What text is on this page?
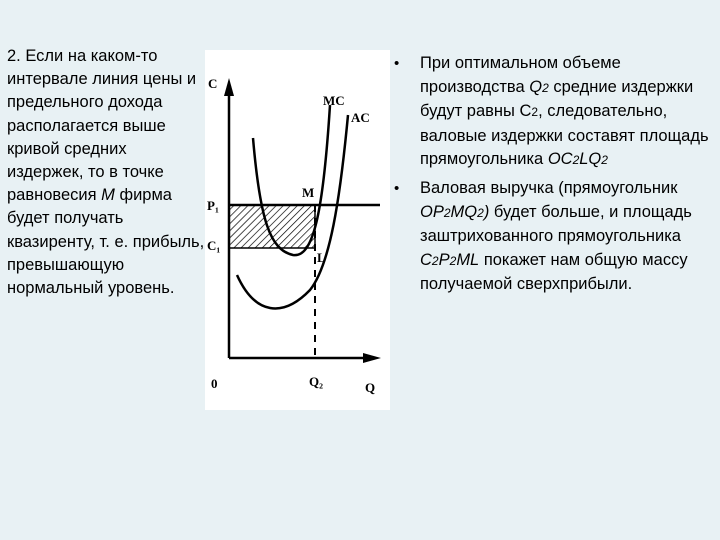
2. Если на каком-то интервале линия цены и предельного дохода располагается выше кривой средних издержек, то в точке равновесия М фирма будет получать квазиренту, т. е. прибыль, превышающую нормальный уровень.

C
MC
AC
P₁
C₁
M
L
0	Q₂	Q
• При оптимальном объеме производства Q2 средние издержки будут равны С2, следовательно, валовые издержки составят площадь прямоугольника ОС2LQ2
• Валовая выручка (прямоугольник ОР2MQ2) будет больше, и площадь заштрихованного прямоугольника С2Р2ML покажет нам общую массу получаемой сверхприбыли.
